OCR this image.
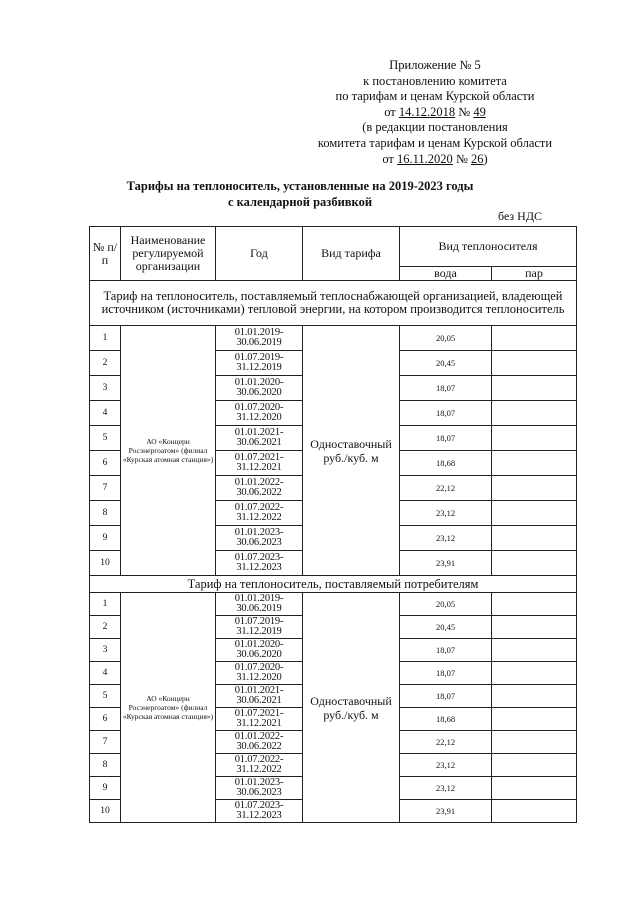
Приложение № 5
к постановлению комитета
по тарифам и ценам Курской области
от 14.12.2018 № 49
(в редакции постановления
комитета тарифам и ценам Курской области
от 16.11.2020 № 26)
Тарифы на теплоноситель, установленные на 2019-2023 годы
с календарной разбивкой
без НДС
№ п/п	Наименование регулируемой организации	Год	Вид тарифа	Вид теплоносителя	
				вода	пар
Тариф на теплоноситель, поставляемый теплоснабжающей организацией, владеющей источником (источниками) тепловой энергии, на котором производится теплоноситель					
1	АО «Концерн Росэнергоатом» (филиал «Курская атомная станция»)	01.01.2019-30.06.2019	Одноставочный руб./куб. м	20,05	
2		01.07.2019-31.12.2019		20,45	
3		01.01.2020-30.06.2020		18,07	
4		01.07.2020-31.12.2020		18,07	
5		01.01.2021-30.06.2021		18,07	
6		01.07.2021-31.12.2021		18,68	
7		01.01.2022-30.06.2022		22,12	
8		01.07.2022-31.12.2022		23,12	
9		01.01.2023-30.06.2023		23,12	
10		01.07.2023-31.12.2023		23,91	
Тариф на теплоноситель, поставляемый потребителям					
1	АО «Концерн Росэнергоатом» (филиал «Курская атомная станция»)	01.01.2019-30.06.2019	Одноставочный руб./куб. м	20,05	
2		01.07.2019-31.12.2019		20,45	
3		01.01.2020-30.06.2020		18,07	
4		01.07.2020-31.12.2020		18,07	
5		01.01.2021-30.06.2021		18,07	
6		01.07.2021-31.12.2021		18,68	
7		01.01.2022-30.06.2022		22,12	
8		01.07.2022-31.12.2022		23,12	
9		01.01.2023-30.06.2023		23,12	
10		01.07.2023-31.12.2023		23,91	
